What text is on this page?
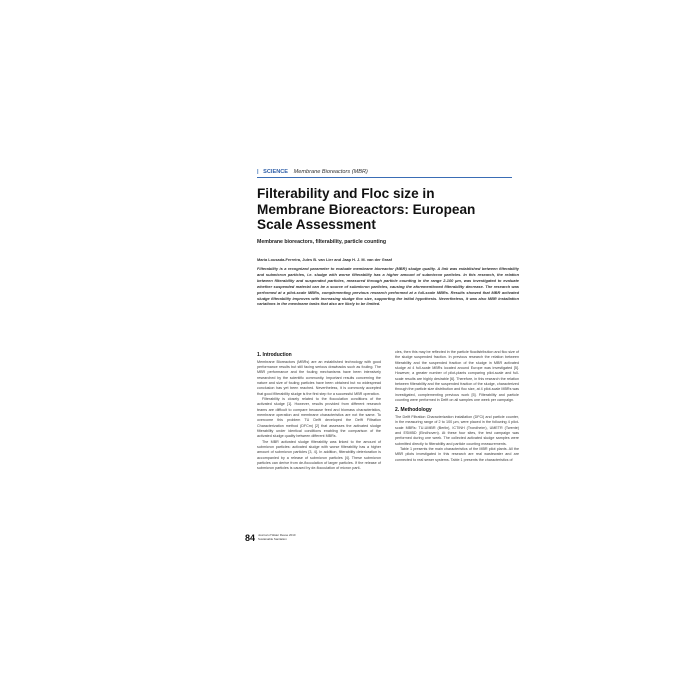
| SCIENCE Membrane Bioreactors (MBR)
Filterability and Floc size in Membrane Bioreactors: European Scale Assessment
Membrane bioreactors, filterability, particle counting
Maria Lousada-Ferreira, Jules B. van Lier and Jaap H. J. M. van der Graaf
Filterability is a recognized parameter to evaluate membrane bioreactor (MBR) sludge quality. A link was established between filterability and submicron particles, i.e. sludge with worse filterability has a higher amount of submicron particles. In this research, the relation between filterability and suspended particles, measured through particle counting in the range 2-100 µm, was investigated to evaluate whether suspended material can be a source of submicron particles, causing the aforementioned filterability decrease. The research was performed at a pilot-scale MBRs, complementing previous research performed at a full-scale MBRs. Results showed that MBR activated sludge filterability improves with increasing sludge floc size, supporting the initial hypothesis. Nevertheless, it was also MBR installation variations in the membrane tanks that also are likely to be limited.
1. Introduction

Membrane Bioreactors (MBRs) are an established technology with good performance results but still facing serious drawbacks such as fouling. The MBR performance and the fouling mechanisms have been intensively researched by the scientific community. Important results concerning the nature and size of fouling particles have been obtained but no widespread conclusion has yet been reached. Nevertheless, it is commonly accepted that good filterability sludge is the first step for a successful MBR operation.

Filterability is closely related to the flocculation conditions of the activated sludge [1]. However, results provided from different research teams are difficult to compare because feed and biomass characteristics, membrane operation and membrane characteristics are not the same. To overcome this problem TU Delft developed the Delft Filtration Characterization method (DFCm) [2] that assesses the activated sludge filterability under identical conditions enabling the comparison of the activated sludge quality between different MBRs.

The MBR activated sludge filterability was linked to the amount of submicron particles: activated sludge with worse filterability has a higher amount of submicron particles [3, 4]. In addition, filterability deterioration is accompanied by a release of submicron particles [4]. These submicron particles can derive from de-flocculation of larger particles. If the release of submicron particles is caused by de-flocculation of micron parti-

cles, then this may be reflected in the particle flocdistribution and floc size of the sludge suspended fraction. In previous research the relation between filterability and the suspended fraction of the sludge in MBR activated sludge at 4 full-scale MBRs located around Europe was investigated [5]. However, a greater number of pilot-plants comparing pilot-scale and full-scale results are highly desirable [6]. Therefore, in this research the relation between filterability and the suspended fraction of the sludge, characterized through the particle size distribution and floc size, at 4 pilot-scale MBRs was investigated, complementing previous work [5]. Filterability and particle counting were performed in Delft on all samples one week per campaign.

2. Methodology

The Delft Filtration Characterization installation (DFCi) and particle counter, in the measuring range of 2 to 100 µm, were placed in the following 4 pilot-scale MBRs: TU-UMBR (Berlin), ICTINH (Trondheim), UMETR (Twente) and ESMBD (Eindhoven). At these four sites, the test campaign was performed during one week. The collected activated sludge samples were submitted directly to filterability and particle counting measurements.

Table 1 presents the main characteristics of the MBR pilot plants. All the MBR pilots investigated in this research are real wastewater and are connected to real sewer systems. Table 1 presents the characteristics of

84 Journal of Water Reuse 2010
Sustainable Sanitation
